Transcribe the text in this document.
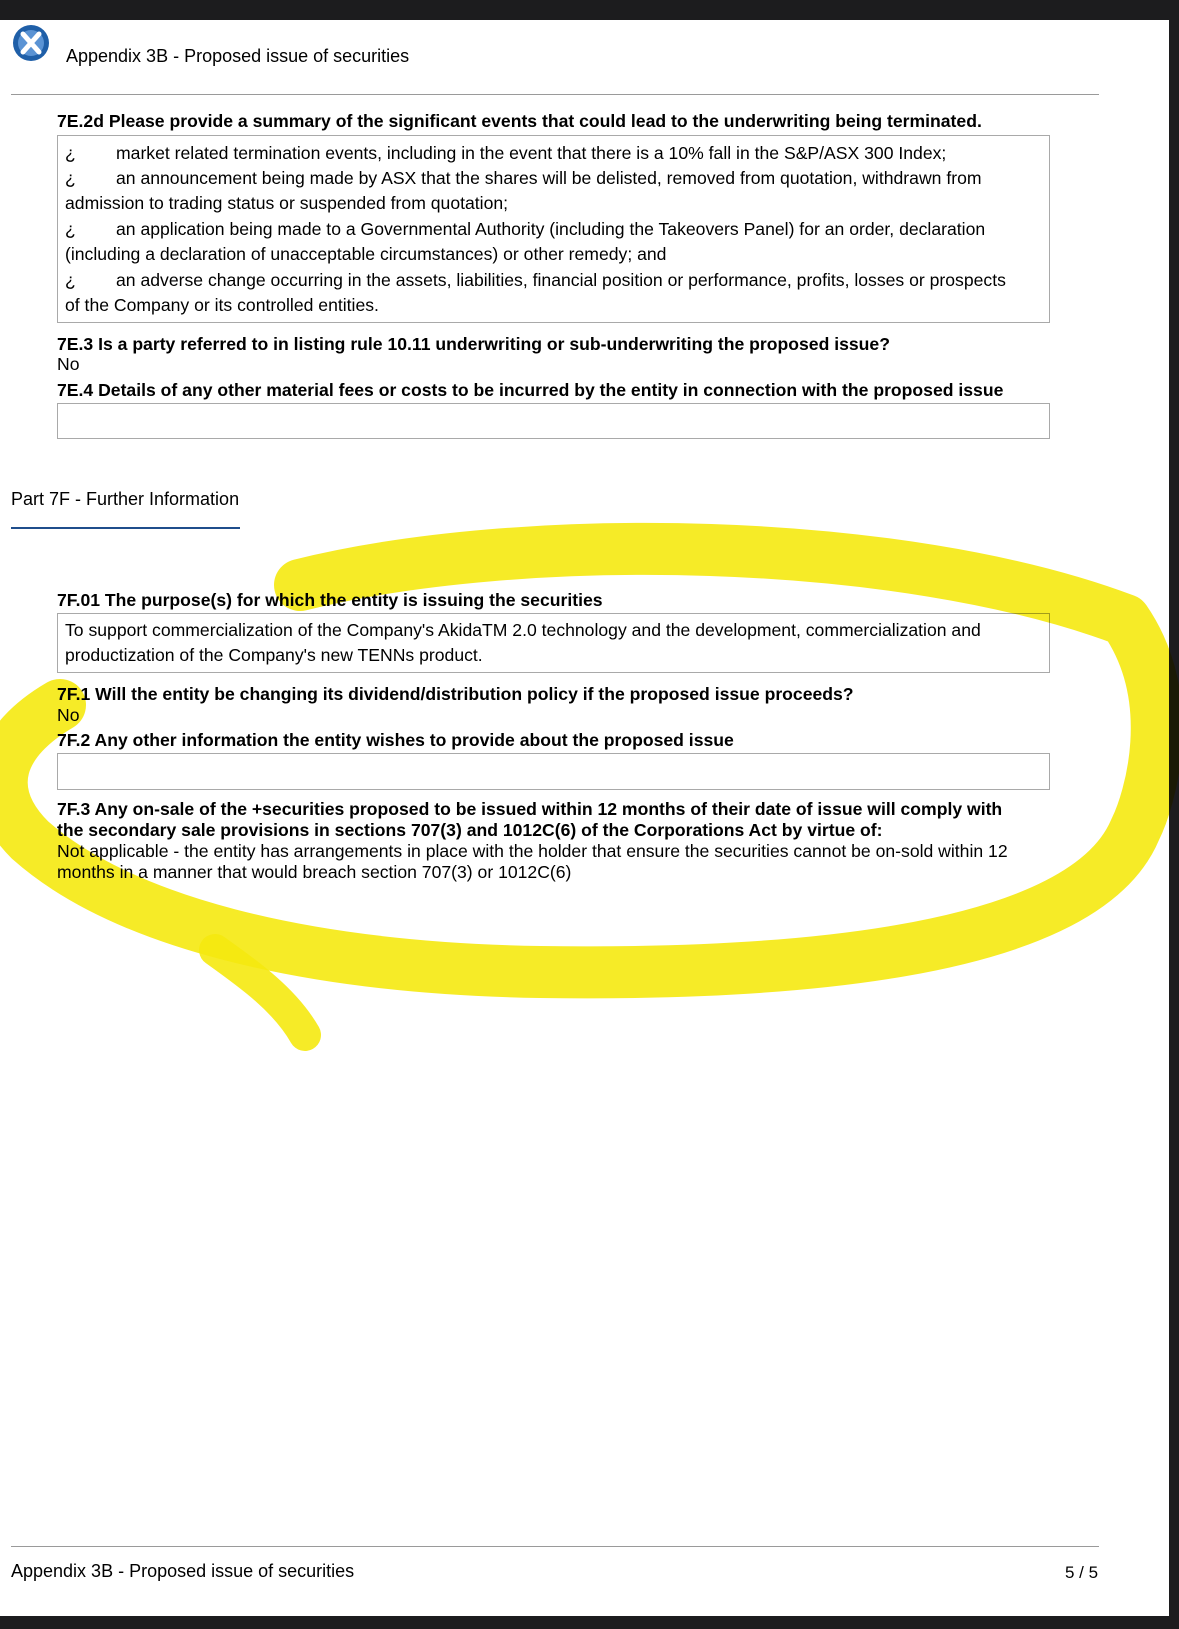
Appendix 3B - Proposed issue of securities
7E.2d Please provide a summary of the significant events that could lead to the underwriting being terminated.
¿ market related termination events, including in the event that there is a 10% fall in the S&P/ASX 300 Index;
¿ an announcement being made by ASX that the shares will be delisted, removed from quotation, withdrawn from
admission to trading status or suspended from quotation;
¿ an application being made to a Governmental Authority (including the Takeovers Panel) for an order, declaration
(including a declaration of unacceptable circumstances) or other remedy; and
¿ an adverse change occurring in the assets, liabilities, financial position or performance, profits, losses or prospects
of the Company or its controlled entities.
7E.3 Is a party referred to in listing rule 10.11 underwriting or sub-underwriting the proposed issue?
No
7E.4 Details of any other material fees or costs to be incurred by the entity in connection with the proposed issue
Part 7F - Further Information
7F.01 The purpose(s) for which the entity is issuing the securities
To support commercialization of the Company's AkidaTM 2.0 technology and the development, commercialization and
productization of the Company's new TENNs product.
7F.1 Will the entity be changing its dividend/distribution policy if the proposed issue proceeds?
No
7F.2 Any other information the entity wishes to provide about the proposed issue
7F.3 Any on-sale of the +securities proposed to be issued within 12 months of their date of issue will comply with
the secondary sale provisions in sections 707(3) and 1012C(6) of the Corporations Act by virtue of:
Not applicable - the entity has arrangements in place with the holder that ensure the securities cannot be on-sold within 12
months in a manner that would breach section 707(3) or 1012C(6)
Appendix 3B - Proposed issue of securities	5 / 5
